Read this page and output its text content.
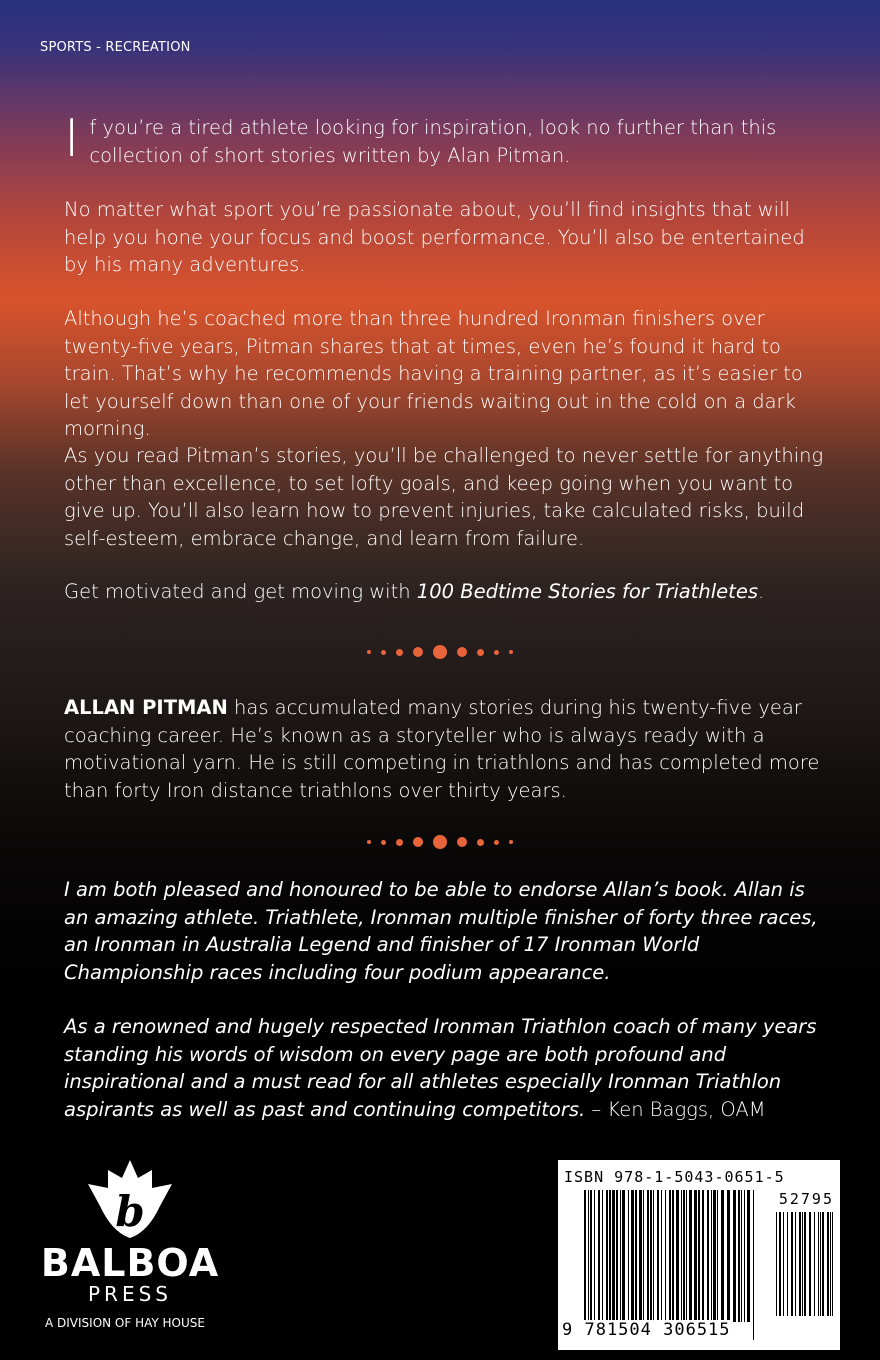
SPORTS - RECREATION

If you’re a tired athlete looking for inspiration, look no further than this collection of short stories written by Alan Pitman.

No matter what sport you’re passionate about, you’ll find insights that will help you hone your focus and boost performance. You’ll also be entertained by his many adventures.

Although he’s coached more than three hundred Ironman finishers over twenty-five years, Pitman shares that at times, even he’s found it hard to train. That’s why he recommends having a training partner, as it’s easier to let yourself down than one of your friends waiting out in the cold on a dark morning.

As you read Pitman’s stories, you’ll be challenged to never settle for anything other than excellence, to set lofty goals, and keep going when you want to give up. You’ll also learn how to prevent injuries, take calculated risks, build self-esteem, embrace change, and learn from failure.

Get motivated and get moving with 100 Bedtime Stories for Triathletes.

ALLAN PITMAN has accumulated many stories during his twenty-five year coaching career. He’s known as a storyteller who is always ready with a motivational yarn. He is still competing in triathlons and has completed more than forty Iron distance triathlons over thirty years.

I am both pleased and honoured to be able to endorse Allan’s book. Allan is an amazing athlete. Triathlete, Ironman multiple finisher of forty three races, an Ironman in Australia Legend and finisher of 17 Ironman World Championship races including four podium appearance.

As a renowned and hugely respected Ironman Triathlon coach of many years standing his words of wisdom on every page are both profound and inspirational and a must read for all athletes especially Ironman Triathlon aspirants as well as past and continuing competitors. – Ken Baggs, OAM

b
BALBOA
PRESS
A DIVISION OF HAY HOUSE
ISBN 978-1-5043-0651-5
52795
9 781504 306515
